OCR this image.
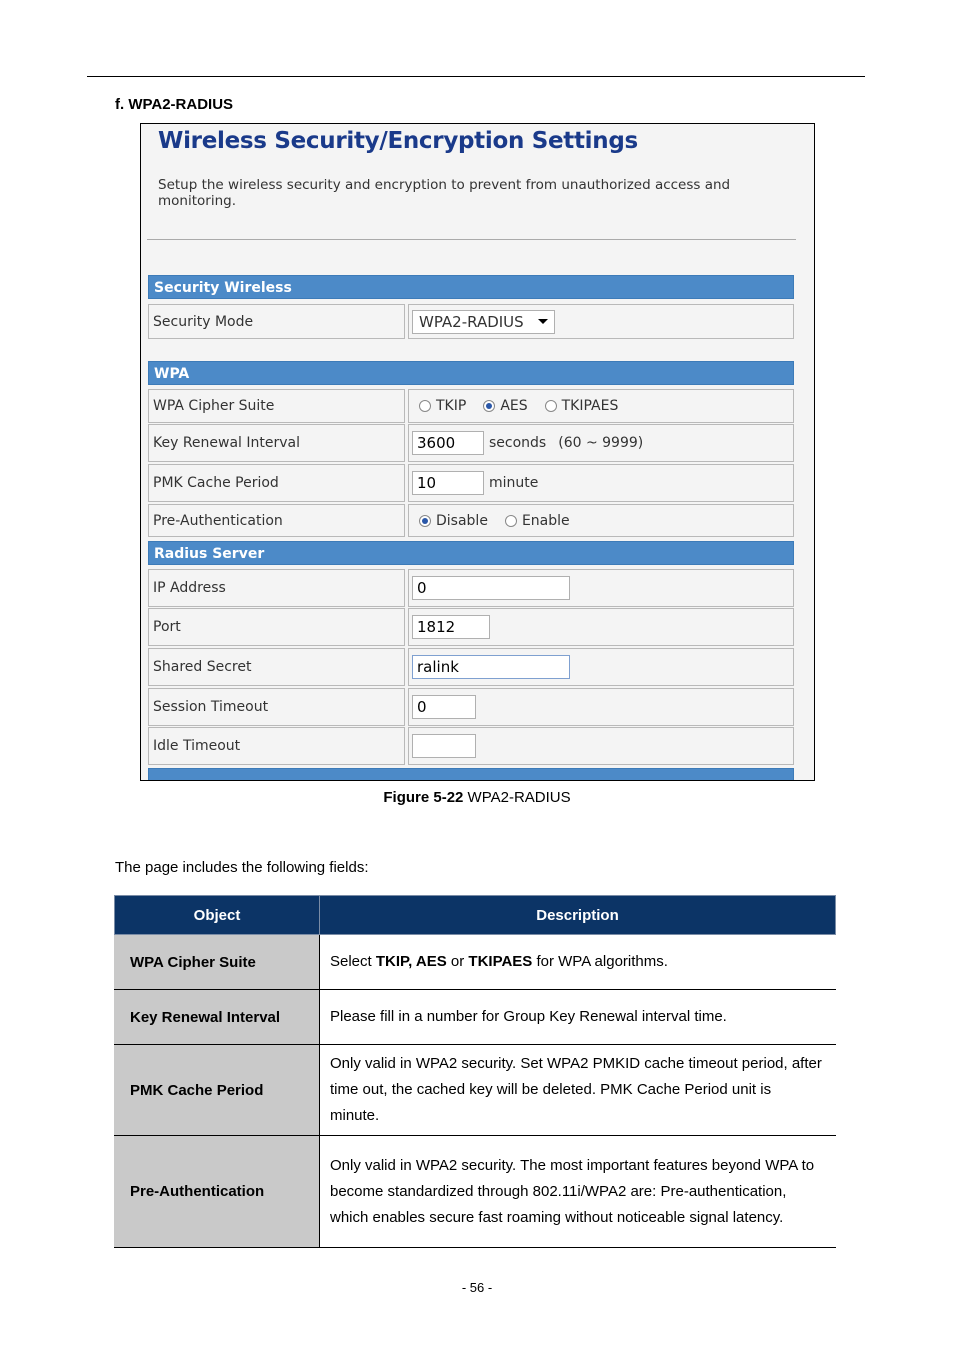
f. WPA2-RADIUS
Wireless Security/Encryption Settings
Setup the wireless security and encryption to prevent from unauthorized access and monitoring.
Security Wireless
Security Mode	WPA2-RADIUS
WPA
WPA Cipher Suite	TKIP AES TKIPAES
Key Renewal Interval	3600	seconds (60 ~ 9999)
PMK Cache Period	10	minute
Pre-Authentication	Disable Enable
Radius Server
IP Address	0
Port	1812
Shared Secret	ralink
Session Timeout	0
Idle Timeout
Figure 5-22 WPA2-RADIUS
The page includes the following fields:
Object	Description
WPA Cipher Suite	Select TKIP, AES or TKIPAES for WPA algorithms.
Key Renewal Interval	Please fill in a number for Group Key Renewal interval time.
PMK Cache Period	Only valid in WPA2 security. Set WPA2 PMKID cache timeout period, after time out, the cached key will be deleted. PMK Cache Period unit is minute.
Pre-Authentication	Only valid in WPA2 security. The most important features beyond WPA to become standardized through 802.11i/WPA2 are: Pre-authentication, which enables secure fast roaming without noticeable signal latency.
- 56 -
